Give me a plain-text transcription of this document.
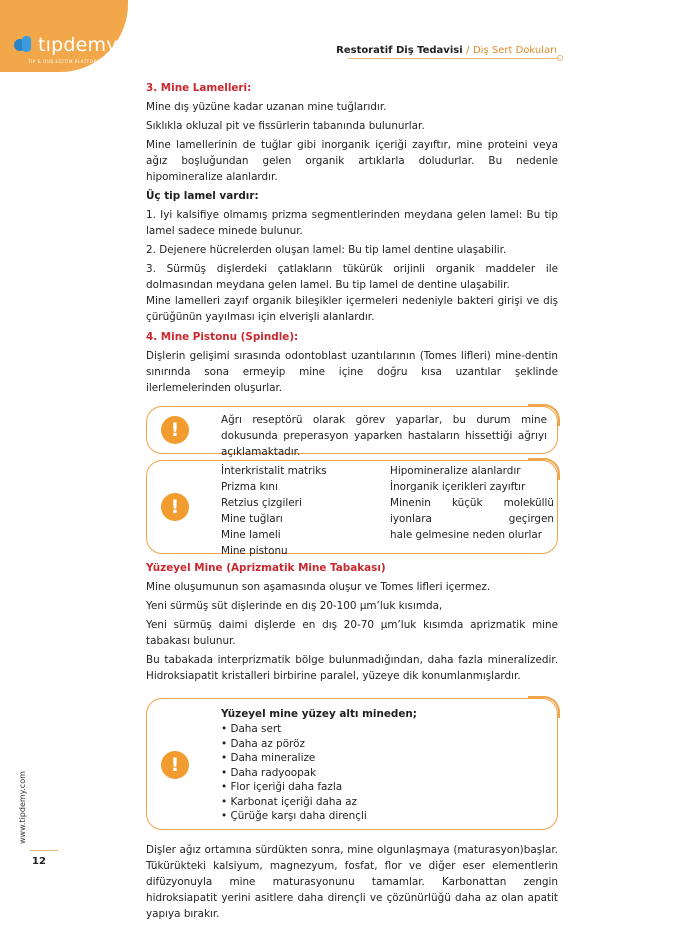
tıpdemy
TIP & DUŞ EĞİTİM PLATFORMU
Restoratif Diş Tedavisi / Diş Sert Dokuları
www.tipdemy.com
12

3. Mine Lamelleri:

Mine dış yüzüne kadar uzanan mine tuğlarıdır.

Sıklıkla okluzal pit ve fissürlerin tabanında bulunurlar.

Mine lamellerinin de tuğlar gibi inorganik içeriği zayıftır, mine proteini veya ağız boşluğundan gelen organik artıklarla doludurlar. Bu nedenle hipomineralize alanlardır.

Üç tip lamel vardır:

1. Iyi kalsifiye olmamış prizma segmentlerinden meydana gelen lamel: Bu tip lamel sadece minede bulunur.

2. Dejenere hücrelerden oluşan lamel: Bu tip lamel dentine ulaşabilir.

3. Sürmüş dişlerdeki çatlakların tükürük orijinli organik maddeler ile dolmasından meydana gelen lamel. Bu tip lamel de dentine ulaşabilir.

Mine lamelleri zayıf organik bileşikler içermeleri nedeniyle bakteri girişi ve diş çürüğünün yayılması için elverişli alanlardır.

4. Mine Pistonu (Spindle):

Dişlerin gelişimi sırasında odontoblast uzantılarının (Tomes lifleri) mine-dentin sınırında sona ermeyip mine içine doğru kısa uzantılar şeklinde ilerlemelerinden oluşurlar.

!	Ağrı reseptörü olarak görev yaparlar, bu durum mine dokusunda preperasyon yaparken hastaların hissettiği ağrıyı açıklamaktadır.
!
İnterkristalit matriks
Prizma kını
Retzius çizgileri
Mine tuğları
Mine lameli
Mine pistonu
Hipomineralize alanlardır
İnorganik içerikleri zayıftır
Minenin küçük moleküllü iyonlara geçirgen
hale gelmesine neden olurlar

Yüzeyel Mine (Aprizmatik Mine Tabakası)

Mine oluşumunun son aşamasında oluşur ve Tomes lifleri içermez.

Yeni sürmüş süt dişlerinde en dış 20-100 µm’luk kısımda,

Yeni sürmüş daimi dişlerde en dış 20-70 µm’luk kısımda aprizmatik mine tabakası bulunur.

Bu tabakada interprizmatik bölge bulunmadığından, daha fazla mineralizedir. Hidroksiapatit kristalleri birbirine paralel, yüzeye dik konumlanmışlardır.

!
Yüzeyel mine yüzey altı mineden;
• Daha sert
• Daha az pöröz
• Daha mineralize
• Daha radyoopak
• Flor içeriği daha fazla
• Karbonat içeriği daha az
• Çürüğe karşı daha dirençli

Dişler ağız ortamına sürdükten sonra, mine olgunlaşmaya (maturasyon)başlar. Tükürükteki kalsiyum, magnezyum, fosfat, flor ve diğer eser elementlerin difüzyonuyla mine maturasyonunu tamamlar. Karbonattan zengin hidroksiapatit yerini asitlere daha dirençli ve çözünürlüğü daha az olan apatit yapıya bırakır.
